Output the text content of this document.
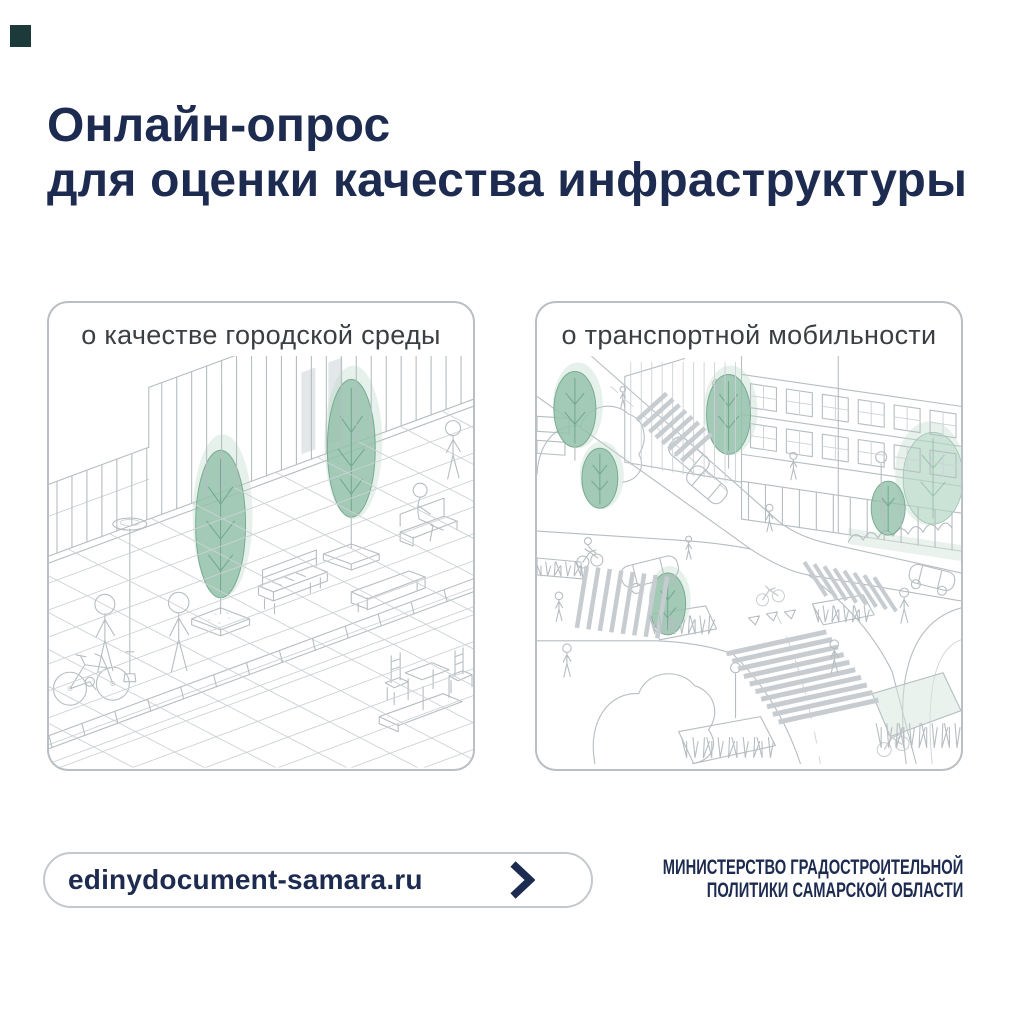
Онлайн-опрос
для оценки качества инфраструктуры
о качестве городской среды	о транспортной мобильности
edinydocument-samara.ru	МИНИСТЕРСТВО ГРАДОСТРОИТЕЛЬНОЙ
ПОЛИТИКИ САМАРСКОЙ ОБЛАСТИ
